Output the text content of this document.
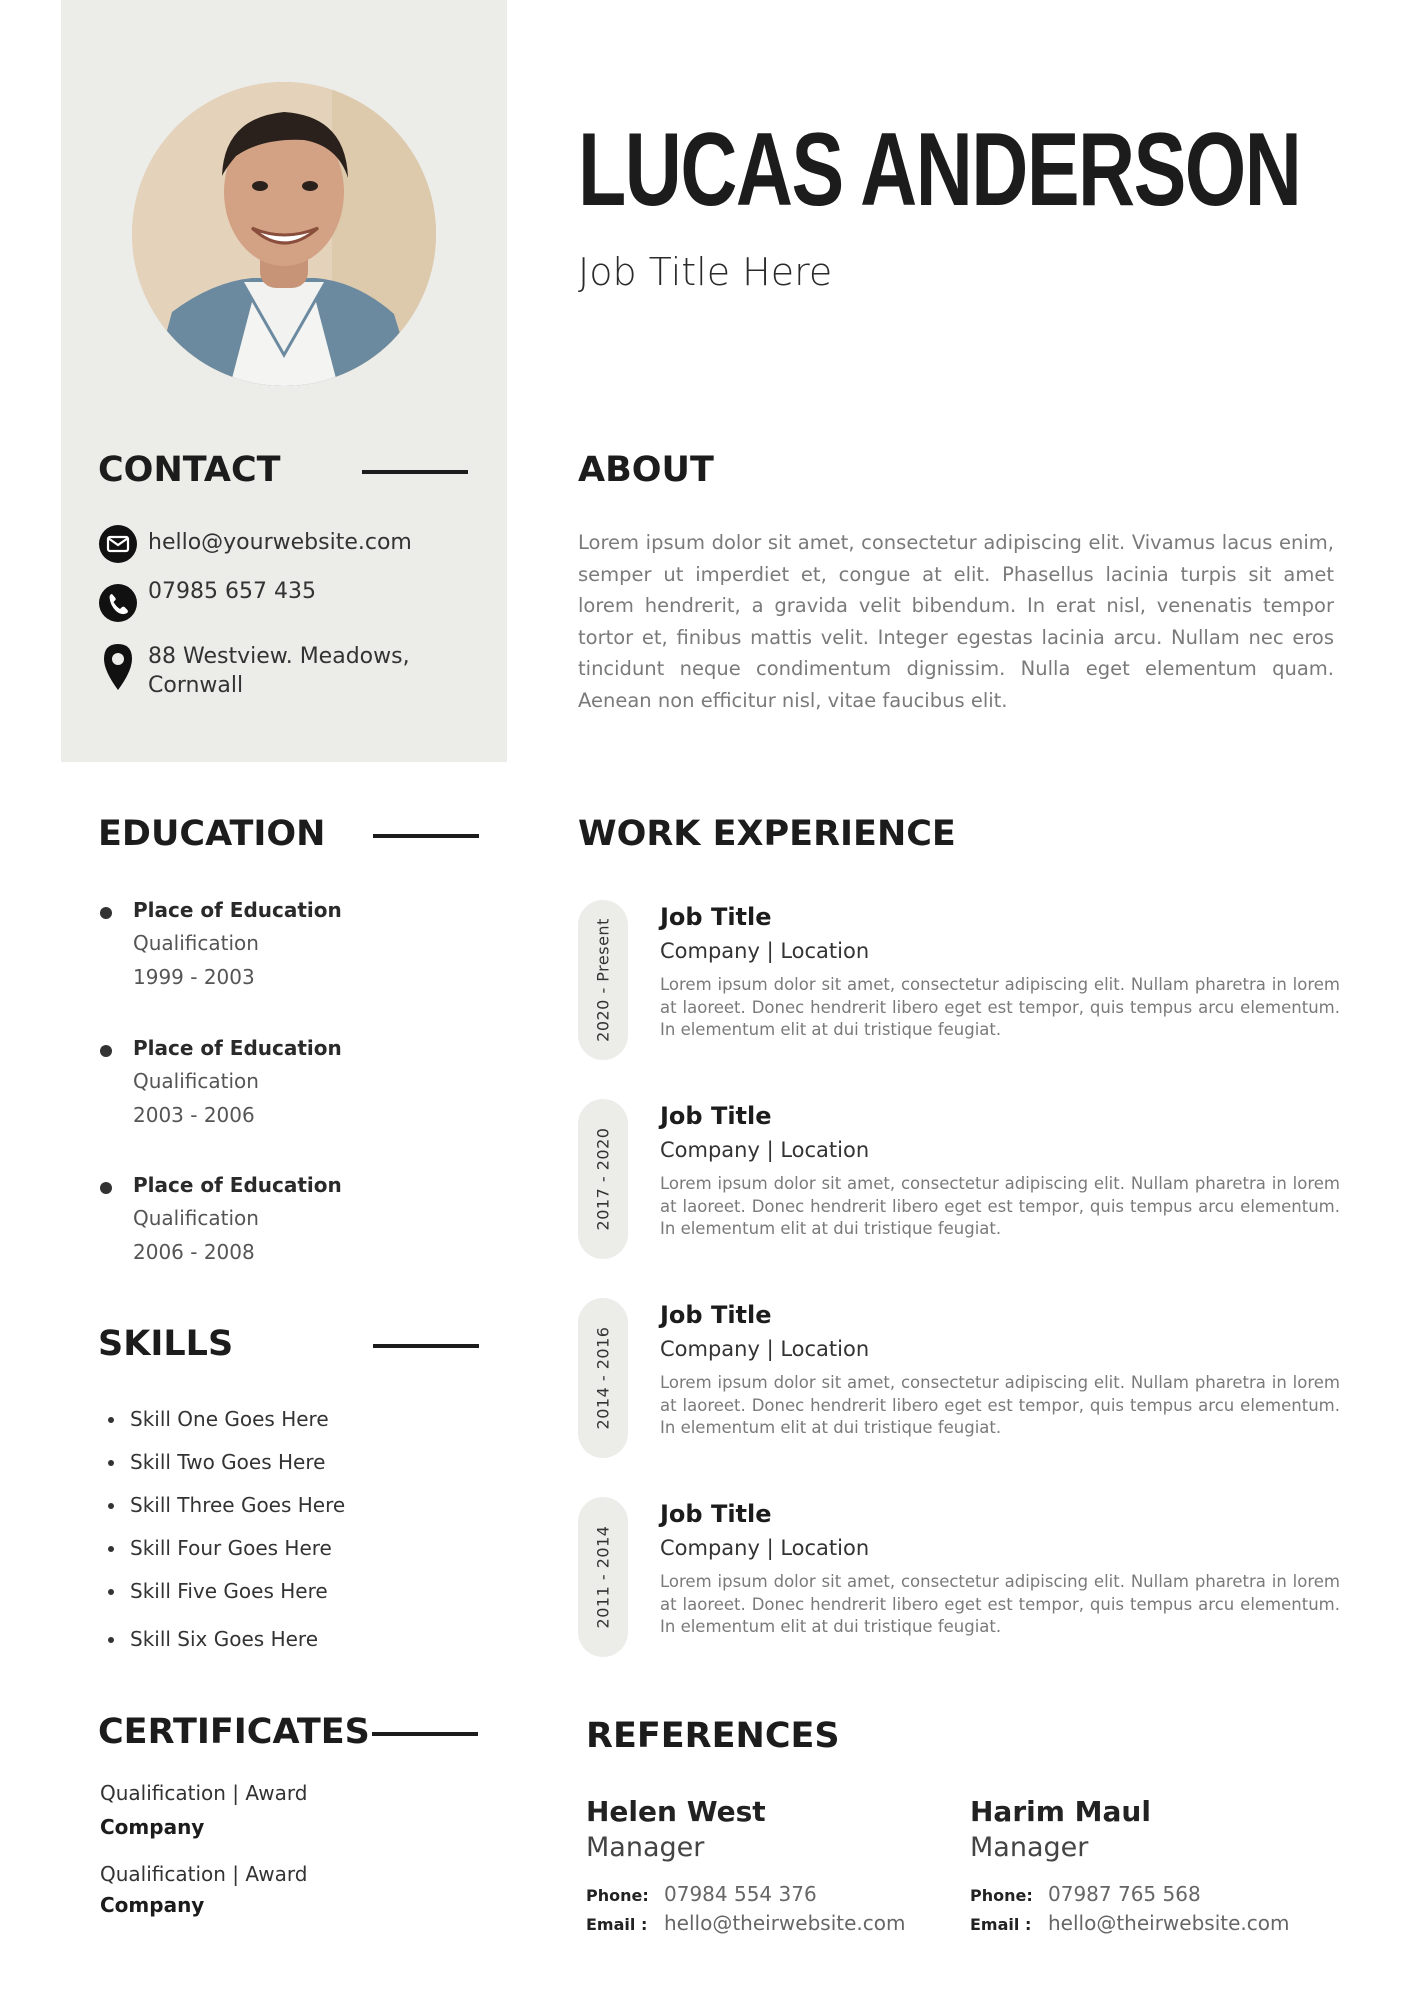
LUCAS ANDERSON
Job Title Here
CONTACT
hello@yourwebsite.com
07985 657 435
88 Westview. Meadows,
Cornwall
ABOUT
Lorem ipsum dolor sit amet, consectetur adipiscing elit. Vivamus lacus enim, semper ut imperdiet et, congue at elit. Phasellus lacinia turpis sit amet lorem hendrerit, a gravida velit bibendum. In erat nisl, venenatis tempor tortor et, finibus mattis velit. Integer egestas lacinia arcu. Nullam nec eros tincidunt neque condimentum dignissim. Nulla eget elementum quam. Aenean non efficitur nisl, vitae faucibus elit.
EDUCATION
Place of Education
Qualification
1999 - 2003
Place of Education
Qualification
2003 - 2006
Place of Education
Qualification
2006 - 2008
SKILLS
Skill One Goes Here
Skill Two Goes Here
Skill Three Goes Here
Skill Four Goes Here
Skill Five Goes Here
Skill Six Goes Here
CERTIFICATES
Qualification | Award
Company
Qualification | Award
Company
WORK EXPERIENCE
2020 - Present
Job Title
Company | Location
Lorem ipsum dolor sit amet, consectetur adipiscing elit. Nullam pharetra in lorem at laoreet. Donec hendrerit libero eget est tempor, quis tempus arcu elementum. In elementum elit at dui tristique feugiat.
2017 - 2020
Job Title
Company | Location
Lorem ipsum dolor sit amet, consectetur adipiscing elit. Nullam pharetra in lorem at laoreet. Donec hendrerit libero eget est tempor, quis tempus arcu elementum. In elementum elit at dui tristique feugiat.
2014 - 2016
Job Title
Company | Location
Lorem ipsum dolor sit amet, consectetur adipiscing elit. Nullam pharetra in lorem at laoreet. Donec hendrerit libero eget est tempor, quis tempus arcu elementum. In elementum elit at dui tristique feugiat.
2011 - 2014
Job Title
Company | Location
Lorem ipsum dolor sit amet, consectetur adipiscing elit. Nullam pharetra in lorem at laoreet. Donec hendrerit libero eget est tempor, quis tempus arcu elementum. In elementum elit at dui tristique feugiat.
REFERENCES
Helen West
Manager
Phone: 07984 554 376
Email : hello@theirwebsite.com
Harim Maul
Manager
Phone: 07987 765 568
Email : hello@theirwebsite.com
